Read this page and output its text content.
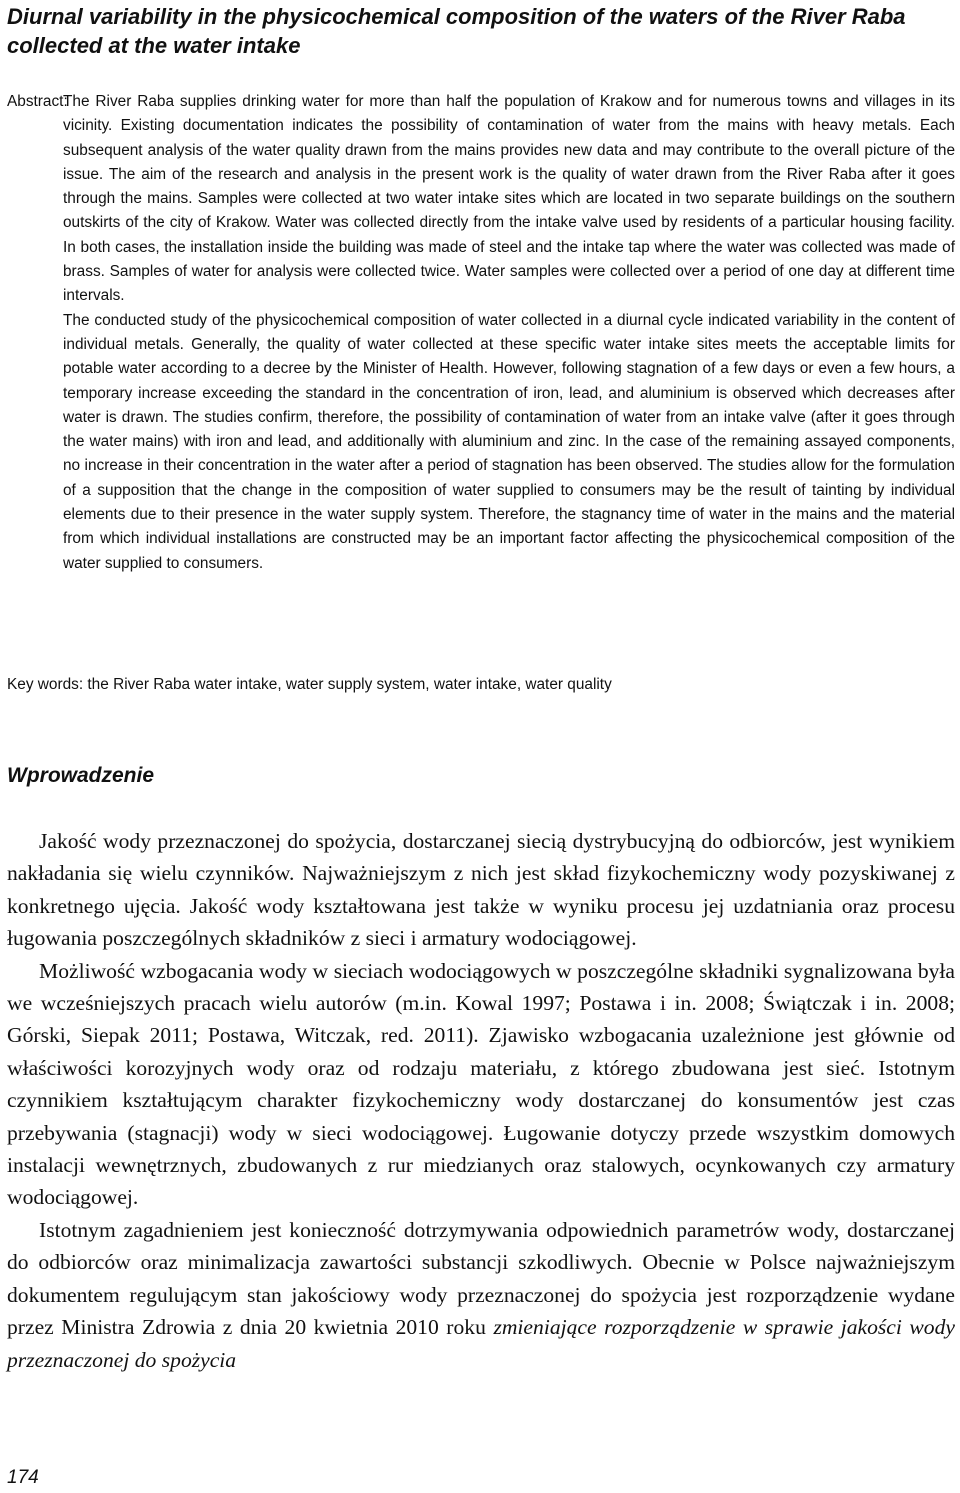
Diurnal variability in the physicochemical composition of the waters of the River Raba collected at the water intake
Abstract:

The River Raba supplies drinking water for more than half the population of Krakow and for numerous towns and villages in its vicinity. Existing documentation indicates the possibility of contamination of water from the mains with heavy metals. Each subsequent analysis of the water quality drawn from the mains provides new data and may contribute to the overall picture of the issue. The aim of the research and analysis in the present work is the quality of water drawn from the River Raba after it goes through the mains. Samples were collected at two water intake sites which are located in two separate buildings on the southern outskirts of the city of Krakow. Water was collected directly from the intake valve used by residents of a particular housing facility. In both cases, the installation inside the building was made of steel and the intake tap where the water was collected was made of brass. Samples of water for analysis were collected twice. Water samples were collected over a period of one day at different time intervals.

The conducted study of the physicochemical composition of water collected in a diurnal cycle indicated variability in the content of individual metals. Generally, the quality of water collected at these specific water intake sites meets the acceptable limits for potable water according to a decree by the Minister of Health. However, following stagnation of a few days or even a few hours, a temporary increase exceeding the standard in the concentration of iron, lead, and aluminium is observed which decreases after water is drawn. The studies confirm, therefore, the possibility of contamination of water from an intake valve (after it goes through the water mains) with iron and lead, and additionally with aluminium and zinc. In the case of the remaining assayed components, no increase in their concentration in the water after a period of stagnation has been observed. The studies allow for the formulation of a supposition that the change in the composition of water supplied to consumers may be the result of tainting by individual elements due to their presence in the water supply system. Therefore, the stagnancy time of water in the mains and the material from which individual installations are constructed may be an important factor affecting the physicochemical composition of the water supplied to consumers.

Key words: the River Raba water intake, water supply system, water intake, water quality
Wprowadzenie

Jakość wody przeznaczonej do spożycia, dostarczanej siecią dystrybucyjną do odbiorców, jest wynikiem nakładania się wielu czynników. Najważniejszym z nich jest skład fizykochemiczny wody pozyskiwanej z konkretnego ujęcia. Jakość wody kształtowana jest także w wyniku procesu jej uzdatniania oraz procesu ługowania poszczególnych składników z sieci i armatury wodociągowej.

Możliwość wzbogacania wody w sieciach wodociągowych w poszczególne składniki sygnalizowana była we wcześniejszych pracach wielu autorów (m.in. Kowal 1997; Postawa i in. 2008; Świątczak i in. 2008; Górski, Siepak 2011; Postawa, Witczak, red. 2011). Zjawisko wzbogacania uzależnione jest głównie od właściwości korozyjnych wody oraz od rodzaju materiału, z którego zbudowana jest sieć. Istotnym czynnikiem kształtującym charakter fizykochemiczny wody dostarczanej do konsumentów jest czas przebywania (stagnacji) wody w sieci wodociągowej. Ługowanie dotyczy przede wszystkim domowych instalacji wewnętrznych, zbudowanych z rur miedzianych oraz stalowych, ocynkowanych czy armatury wodociągowej.

Istotnym zagadnieniem jest konieczność dotrzymywania odpowiednich parametrów wody, dostarczanej do odbiorców oraz minimalizacja zawartości substancji szkodliwych. Obecnie w Polsce najważniejszym dokumentem regulującym stan jakościowy wody przeznaczonej do spożycia jest rozporządzenie wydane przez Ministra Zdrowia z dnia 20 kwietnia 2010 roku zmieniające rozporządzenie w sprawie jakości wody przeznaczonej do spożycia

174
